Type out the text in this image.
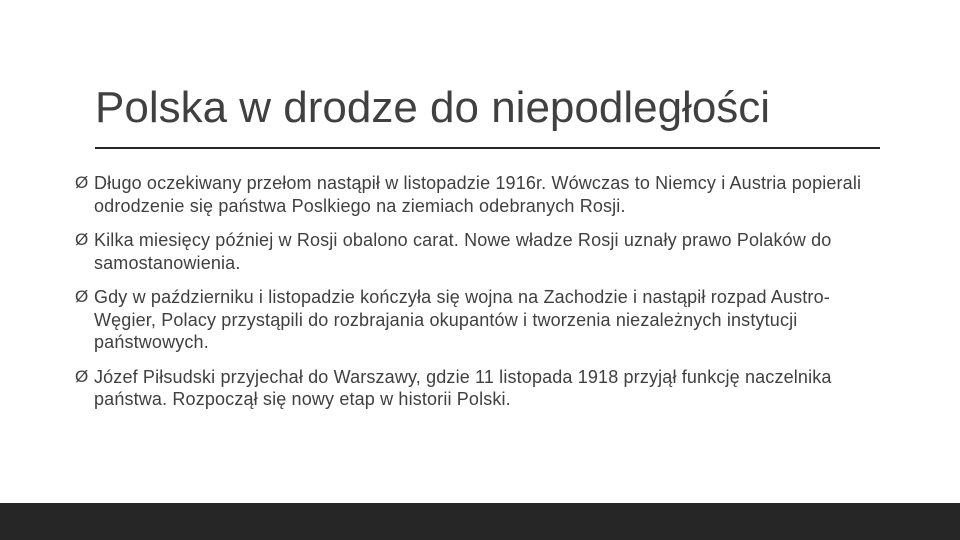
Polska w drodze do niepodległości
Ø Długo oczekiwany przełom nastąpił w listopadzie 1916r. Wówczas to Niemcy i Austria popierali odrodzenie się państwa Poslkiego na ziemiach odebranych Rosji.
Ø Kilka miesięcy później w Rosji obalono carat. Nowe władze Rosji uznały prawo Polaków do samostanowienia.
Ø Gdy w październiku i listopadzie kończyła się wojna na Zachodzie i nastąpił rozpad Austro-Węgier, Polacy przystąpili do rozbrajania okupantów i tworzenia niezależnych instytucji państwowych.
Ø Józef Piłsudski przyjechał do Warszawy, gdzie 11 listopada 1918 przyjął funkcję naczelnika państwa. Rozpoczął się nowy etap w historii Polski.
